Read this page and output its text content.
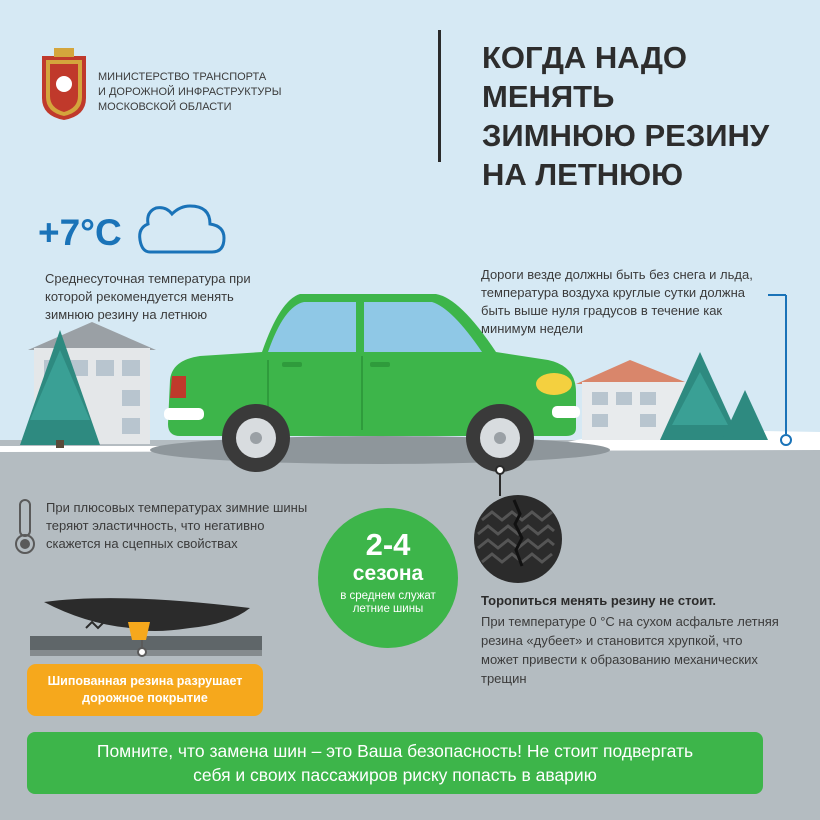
МИНИСТЕРСТВО ТРАНСПОРТА
И ДОРОЖНОЙ ИНФРАСТРУКТУРЫ
МОСКОВСКОЙ ОБЛАСТИ
КОГДА НАДО МЕНЯТЬ
ЗИМНЮЮ РЕЗИНУ
НА ЛЕТНЮЮ
+7°C
Среднесуточная температура при которой рекомендуется менять зимнюю резину на летнюю
Дороги везде должны быть без снега и льда, температура воздуха круглые сутки должна быть выше нуля градусов в течение как минимум недели
При плюсовых температурах зимние шины теряют эластичность, что негативно скажется на сцепных свойствах	2-4
сезона
в среднем служат летние шины
Торопиться менять резину не стоит.
При температуре 0 °С на сухом асфальте летняя резина «дубеет» и становится хрупкой, что может привести к образованию механических трещин
Шипованная резина разрушает дорожное покрытие
Помните, что замена шин – это Ваша безопасность! Не стоит подвергать
себя и своих пассажиров риску попасть в аварию
